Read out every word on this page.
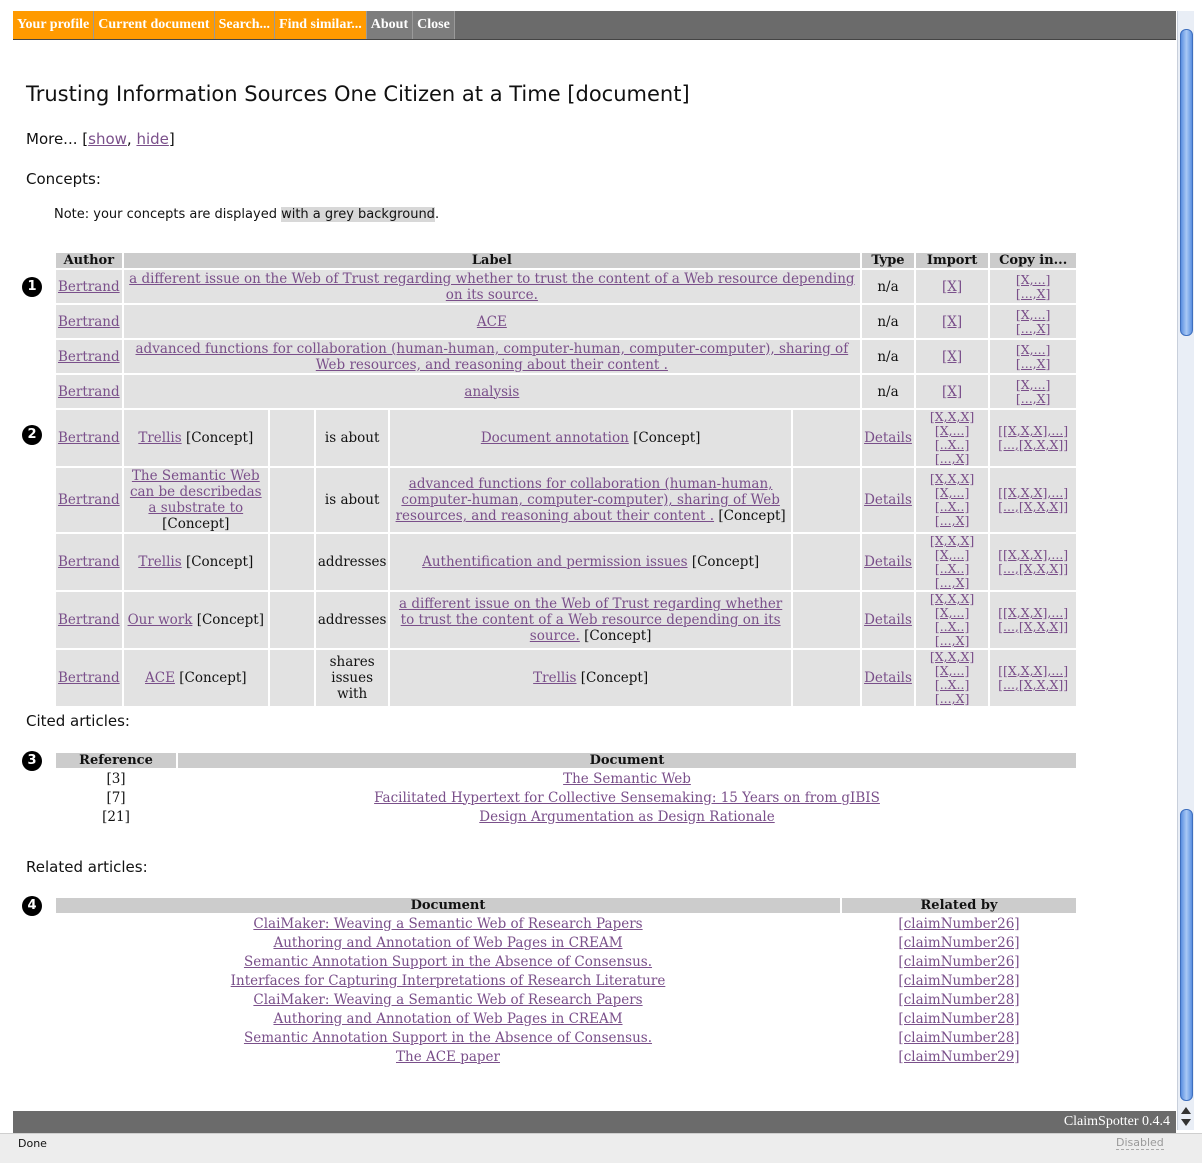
Your profile Current document Search... Find similar... About Close
Trusting Information Sources One Citizen at a Time [document]
More... [show, hide]
Concepts:
Note: your concepts are displayed with a grey background.
1
2
3
4
Author	Label					Type	Import	Copy in...
Bertrand	a different issue on the Web of Trust regarding whether to trust the content of a Web resource depending on its source.					n/a	[X]	[X,...]
[...,X]
Bertrand	ACE					n/a	[X]	[X,...]
[...,X]
Bertrand	advanced functions for collaboration (human-human, computer-human, computer-computer), sharing of Web resources, and reasoning about their content .					n/a	[X]	[X,...]
[...,X]
Bertrand	analysis					n/a	[X]	[X,...]
[...,X]
Bertrand	Trellis [Concept]		is about	Document annotation [Concept]		Details	[X,X,X]
[X,...] [..X..]
[...,X]	[[X,X,X],...]
[...,[X,X,X]]
Bertrand	The Semantic Web can be describedas a substrate to [Concept]		is about	advanced functions for collaboration (human-human, computer-human, computer-computer), sharing of Web resources, and reasoning about their content . [Concept]		Details	[X,X,X]
[X,...] [..X..]
[...,X]	[[X,X,X],...]
[...,[X,X,X]]
Bertrand	Trellis [Concept]		addresses	Authentification and permission issues [Concept]		Details	[X,X,X]
[X,...] [..X..]
[...,X]	[[X,X,X],...]
[...,[X,X,X]]
Bertrand	Our work [Concept]		addresses	a different issue on the Web of Trust regarding whether to trust the content of a Web resource depending on its source. [Concept]		Details	[X,X,X]
[X,...] [..X..]
[...,X]	[[X,X,X],...]
[...,[X,X,X]]
Bertrand	ACE [Concept]		shares issues with	Trellis [Concept]		Details	[X,X,X]
[X,...] [..X..]
[...,X]	[[X,X,X],...]
[...,[X,X,X]]
Cited articles:
Reference	Document
[3]	The Semantic Web
[7]	Facilitated Hypertext for Collective Sensemaking: 15 Years on from gIBIS
[21]	Design Argumentation as Design Rationale
Related articles:
Document	Related by
ClaiMaker: Weaving a Semantic Web of Research Papers	[claimNumber26]
Authoring and Annotation of Web Pages in CREAM	[claimNumber26]
Semantic Annotation Support in the Absence of Consensus.	[claimNumber26]
Interfaces for Capturing Interpretations of Research Literature	[claimNumber28]
ClaiMaker: Weaving a Semantic Web of Research Papers	[claimNumber28]
Authoring and Annotation of Web Pages in CREAM	[claimNumber28]
Semantic Annotation Support in the Absence of Consensus.	[claimNumber28]
The ACE paper	[claimNumber29]
ClaimSpotter 0.4.4
Done	Disabled
